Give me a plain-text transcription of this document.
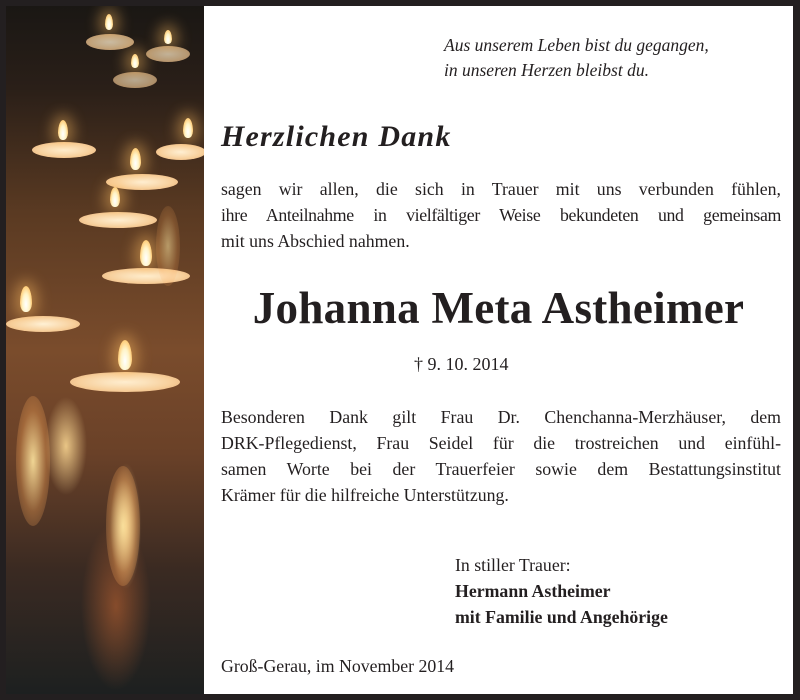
Aus unserem Leben bist du gegangen,
in unseren Herzen bleibst du.
Herzlichen Dank
sagen wir allen, die sich in Trauer mit uns verbunden fühlen,
ihre Anteilnahme in vielfältiger Weise bekundeten und gemeinsam
mit uns Abschied nahmen.
Johanna Meta Astheimer
† 9. 10. 2014
Besonderen Dank gilt Frau Dr. Chenchanna-Merzhäuser, dem
DRK-Pflegedienst, Frau Seidel für die trostreichen und einfühl-
samen Worte bei der Trauerfeier sowie dem Bestattungsinstitut
Krämer für die hilfreiche Unterstützung.
In stiller Trauer:
Hermann Astheimer
mit Familie und Angehörige
Groß-Gerau, im November 2014
